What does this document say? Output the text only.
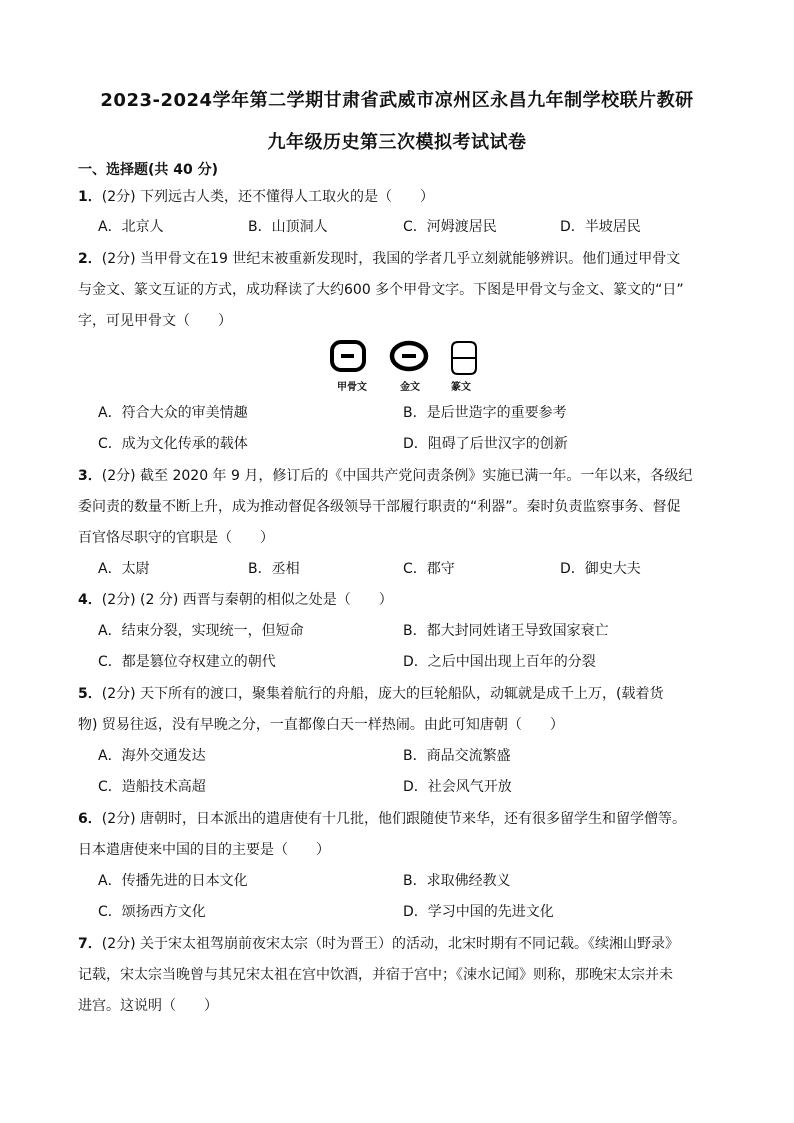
2023-2024学年第二学期甘肃省武威市凉州区永昌九年制学校联片教研
九年级历史第三次模拟考试试卷
一、选择题(共 40 分)
1．(2分) 下列远古人类，还不懂得人工取火的是（　　）
A．北京人	B．山顶洞人	C．河姆渡居民	D．半坡居民
2．(2分) 当甲骨文在19 世纪末被重新发现时，我国的学者几乎立刻就能够辨识。他们通过甲骨文
与金文、篆文互证的方式，成功释读了大约600 多个甲骨文字。下图是甲骨文与金文、篆文的“日”
字，可见甲骨文（　　）
甲骨文	金文	篆文
A．符合大众的审美情趣	B．是后世造字的重要参考
C．成为文化传承的载体	D．阻碍了后世汉字的创新
3．(2分) 截至 2020 年 9 月，修订后的《中国共产党问责条例》实施已满一年。一年以来，各级纪
委问责的数量不断上升，成为推动督促各级领导干部履行职责的“利器”。秦时负责监察事务、督促
百官恪尽职守的官职是（　　）
A．太尉	B．丞相	C．郡守	D．御史大夫
4．(2分) (2 分) 西晋与秦朝的相似之处是（　　）
A．结束分裂，实现统一，但短命	B．都大封同姓诸王导致国家衰亡
C．都是篡位夺权建立的朝代	D．之后中国出现上百年的分裂
5．(2分) 天下所有的渡口，聚集着航行的舟船，庞大的巨轮船队，动辄就是成千上万，(载着货
物) 贸易往返，没有早晚之分，一直都像白天一样热闹。由此可知唐朝（　　）
A．海外交通发达	B．商品交流繁盛
C．造船技术高超	D．社会风气开放
6．(2分) 唐朝时，日本派出的遣唐使有十几批，他们跟随使节来华，还有很多留学生和留学僧等。
日本遣唐使来中国的目的主要是（　　）
A．传播先进的日本文化	B．求取佛经教义
C．颂扬西方文化	D．学习中国的先进文化
7．(2分) 关于宋太祖驾崩前夜宋太宗（时为晋王）的活动，北宋时期有不同记载。《续湘山野录》
记载，宋太宗当晚曾与其兄宋太祖在宫中饮酒，并宿于宫中；《涑水记闻》则称，那晚宋太宗并未
进宫。这说明（　　）
